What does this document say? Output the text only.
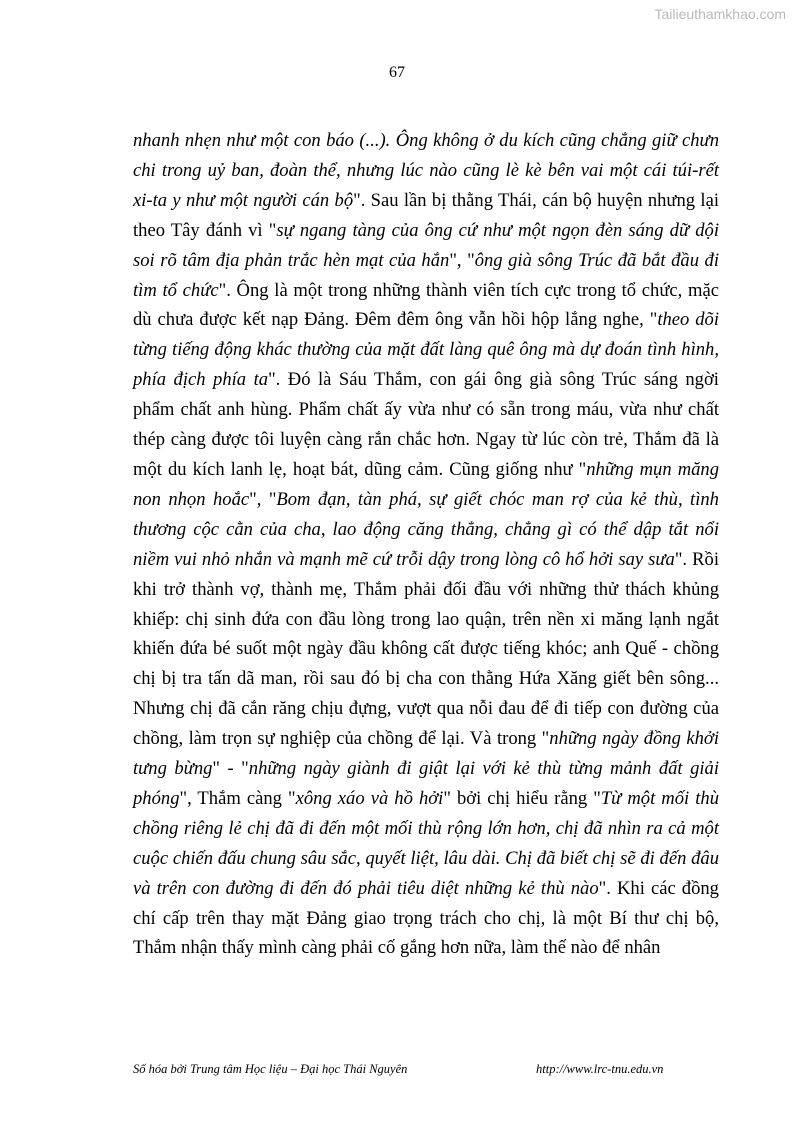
Tailieuthamkhao.com
67

nhanh nhẹn như một con báo (...). Ông không ở du kích cũng chẳng giữ chưn chi trong uỷ ban, đoàn thể, nhưng lúc nào cũng lè kè bên vai một cái túi-rết xi-ta y như một người cán bộ". Sau lần bị thằng Thái, cán bộ huyện nhưng lại theo Tây đánh vì "sự ngang tàng của ông cứ như một ngọn đèn sáng dữ dội soi rõ tâm địa phản trắc hèn mạt của hắn", "ông già sông Trúc đã bắt đầu đi tìm tổ chức". Ông là một trong những thành viên tích cực trong tổ chức, mặc dù chưa được kết nạp Đảng. Đêm đêm ông vẫn hồi hộp lắng nghe, "theo dõi từng tiếng động khác thường của mặt đất làng quê ông mà dự đoán tình hình, phía địch phía ta". Đó là Sáu Thắm, con gái ông già sông Trúc sáng ngời phẩm chất anh hùng. Phẩm chất ấy vừa như có sẵn trong máu, vừa như chất thép càng được tôi luyện càng rắn chắc hơn. Ngay từ lúc còn trẻ, Thắm đã là một du kích lanh lẹ, hoạt bát, dũng cảm. Cũng giống như "những mụn măng non nhọn hoắc", "Bom đạn, tàn phá, sự giết chóc man rợ của kẻ thù, tình thương cộc cằn của cha, lao động căng thẳng, chẳng gì có thể dập tắt nổi niềm vui nhỏ nhắn và mạnh mẽ cứ trỗi dậy trong lòng cô hổ hởi say sưa". Rồi khi trở thành vợ, thành mẹ, Thắm phải đối đầu với những thử thách khủng khiếp: chị sinh đứa con đầu lòng trong lao quận, trên nền xi măng lạnh ngắt khiến đứa bé suốt một ngày đầu không cất được tiếng khóc; anh Quế - chồng chị bị tra tấn dã man, rồi sau đó bị cha con thằng Hứa Xăng giết bên sông... Nhưng chị đã cắn răng chịu đựng, vượt qua nỗi đau để đi tiếp con đường của chồng, làm trọn sự nghiệp của chồng để lại. Và trong "những ngày đồng khởi tưng bừng" - "những ngày giành đi giật lại với kẻ thù từng mảnh đất giải phóng", Thắm càng "xông xáo và hồ hởi" bởi chị hiểu rằng "Từ một mối thù chồng riêng lẻ chị đã đi đến một mối thù rộng lớn hơn, chị đã nhìn ra cả một cuộc chiến đấu chung sâu sắc, quyết liệt, lâu dài. Chị đã biết chị sẽ đi đến đâu và trên con đường đi đến đó phải tiêu diệt những kẻ thù nào". Khi các đồng chí cấp trên thay mặt Đảng giao trọng trách cho chị, là một Bí thư chị bộ, Thắm nhận thấy mình càng phải cố gắng hơn nữa, làm thế nào để nhân

Số hóa bởi Trung tâm Học liệu – Đại học Thái Nguyên	http://www.lrc-tnu.edu.vn
